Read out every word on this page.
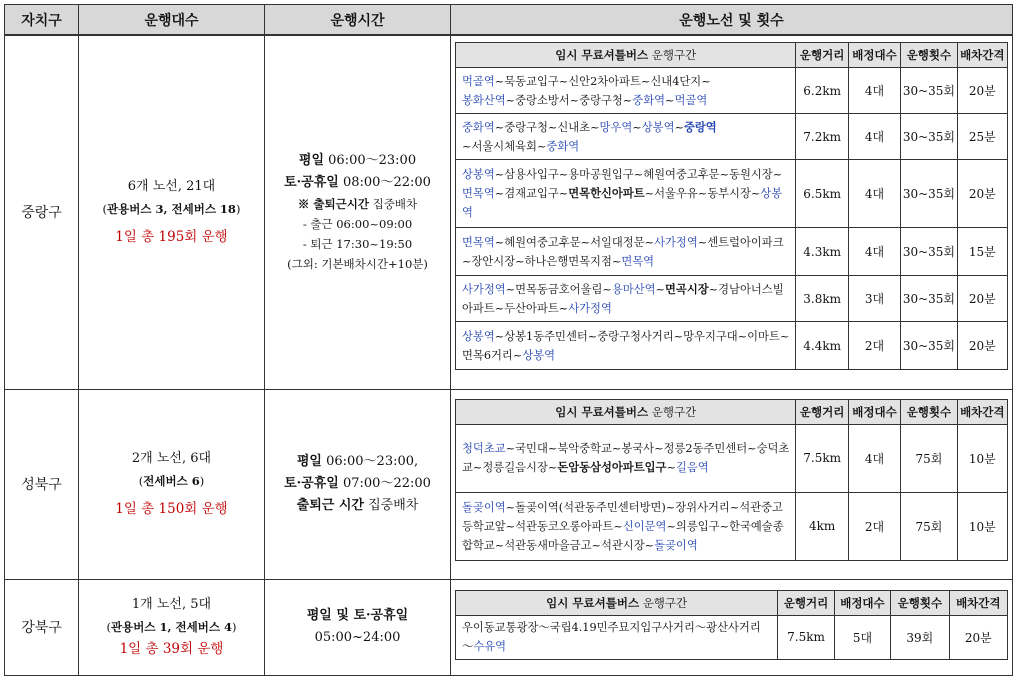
자치구	운행대수	운행시간	운행노선 및 횟수
중랑구	
6개 노선, 21대
(관용버스 3, 전세버스 18)
1일 총 195회 운행

평일 06:00～23:00
토·공휴일 08:00～22:00
※ 출퇴근시간 집중배차
- 출근 06:00~09:00
- 퇴근 17:30~19:50
(그외: 기본배차시간+10분)

임시 무료셔틀버스 운행구간	운행거리	배정대수	운행횟수	배차간격
먹골역~묵동교입구~신안2차아파트~신내4단지~
봉화산역~중랑소방서~중랑구청~중화역~먹골역	6.2km	4대	30~35회	20분
중화역~중랑구청~신내초~망우역~상봉역~중랑역
~서울시체육회~중화역	7.2km	4대	30~35회	25분
상봉역~삼용사입구~용마공원입구~혜원여중고후문~동원시장~면목역~겸재교입구~면목한신아파트~서울우유~동부시장~상봉역	6.5km	4대	30~35회	20분
면목역~혜원여중고후문~서일대정문~사가정역~센트럴아이파크~장안시장~하나은행면목지점~면목역	4.3km	4대	30~35회	15분
사가정역~면목동금호어울림~용마산역~면곡시장~경남아너스빌아파트~두산아파트~사가정역	3.8km	3대	30~35회	20분
상봉역~상봉1동주민센터~중랑구청사거리~망우지구대~이마트~면목6거리~상봉역	4.4km	2대	30~35회	20분

성북구	
2개 노선, 6대
(전세버스 6)
1일 총 150회 운행

평일 06:00～23:00,
토·공휴일 07:00～22:00
출퇴근 시간 집중배차

임시 무료셔틀버스 운행구간	운행거리	배정대수	운행횟수	배차간격
청덕초교~국민대~북악중학교~봉국사~정릉2동주민센터~숭덕초교~정릉길음시장~돈암동삼성아파트입구~길음역	7.5km	4대	75회	10분
돌곶이역~돌곶이역(석관동주민센터방면)~장위사거리~석관중고등학교앞~석관동코오롱아파트~신이문역~의릉입구~한국예술종합학교~석관동새마을금고~석관시장~돌곶이역	4km	2대	75회	10분

강북구	
1개 노선, 5대
(관용버스 1, 전세버스 4)
1일 총 39회 운행

평일 및 토·공휴일
05:00~24:00

임시 무료셔틀버스 운행구간	운행거리	배정대수	운행횟수	배차간격
우이동교통광장～국립4.19민주묘지입구사거리～광산사거리～수유역	7.5km	5대	39회	20분
